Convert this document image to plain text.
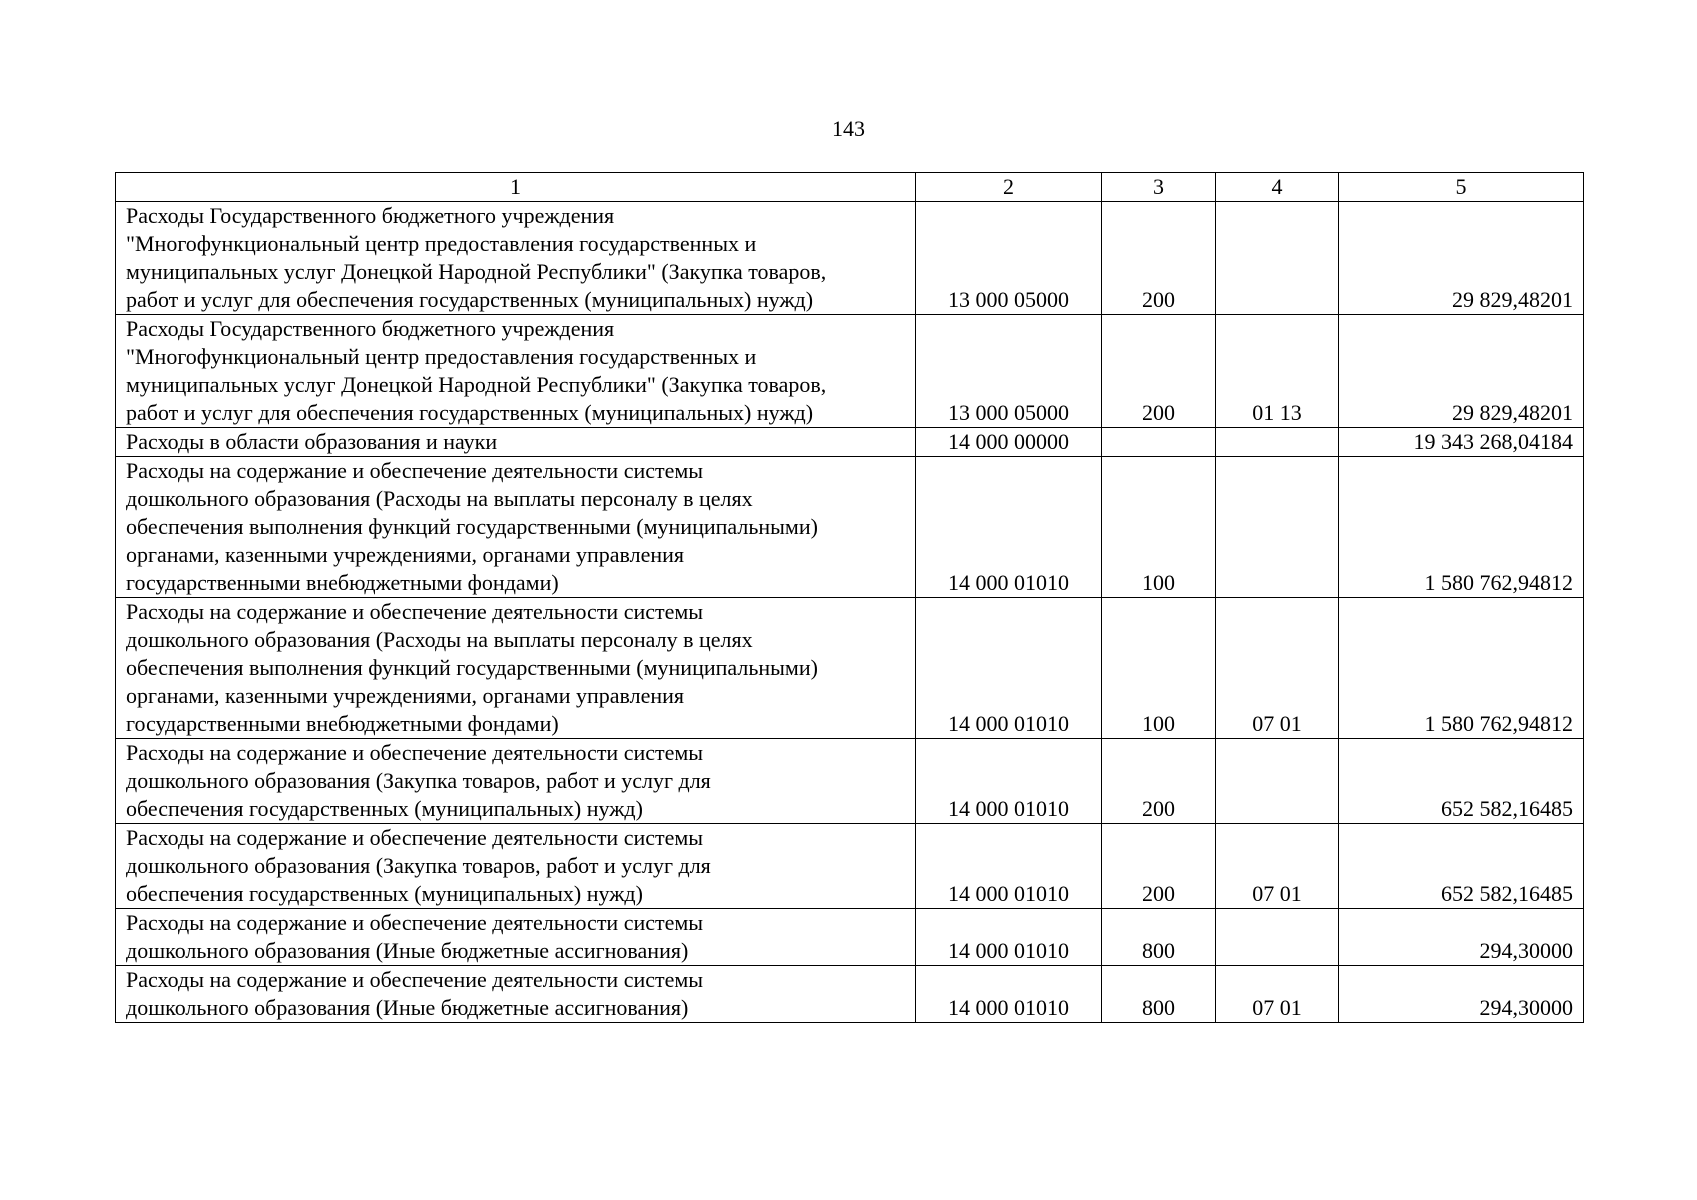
143
1	2	3	4	5

Расходы Государственного бюджетного учреждения
"Многофункциональный центр предоставления государственных и
муниципальных услуг Донецкой Народной Республики" (Закупка товаров,
работ и услуг для обеспечения государственных (муниципальных) нужд)	13 000 05000	200		29 829,48201

Расходы Государственного бюджетного учреждения
"Многофункциональный центр предоставления государственных и
муниципальных услуг Донецкой Народной Республики" (Закупка товаров,
работ и услуг для обеспечения государственных (муниципальных) нужд)	13 000 05000	200	01 13	29 829,48201

Расходы в области образования и науки	14 000 00000			19 343 268,04184

Расходы на содержание и обеспечение деятельности системы
дошкольного образования (Расходы на выплаты персоналу в целях
обеспечения выполнения функций государственными (муниципальными)
органами, казенными учреждениями, органами управления
государственными внебюджетными фондами)	14 000 01010	100		1 580 762,94812

Расходы на содержание и обеспечение деятельности системы
дошкольного образования (Расходы на выплаты персоналу в целях
обеспечения выполнения функций государственными (муниципальными)
органами, казенными учреждениями, органами управления
государственными внебюджетными фондами)	14 000 01010	100	07 01	1 580 762,94812

Расходы на содержание и обеспечение деятельности системы
дошкольного образования (Закупка товаров, работ и услуг для
обеспечения государственных (муниципальных) нужд)	14 000 01010	200		652 582,16485

Расходы на содержание и обеспечение деятельности системы
дошкольного образования (Закупка товаров, работ и услуг для
обеспечения государственных (муниципальных) нужд)	14 000 01010	200	07 01	652 582,16485

Расходы на содержание и обеспечение деятельности системы
дошкольного образования (Иные бюджетные ассигнования)	14 000 01010	800		294,30000

Расходы на содержание и обеспечение деятельности системы
дошкольного образования (Иные бюджетные ассигнования)	14 000 01010	800	07 01	294,30000
